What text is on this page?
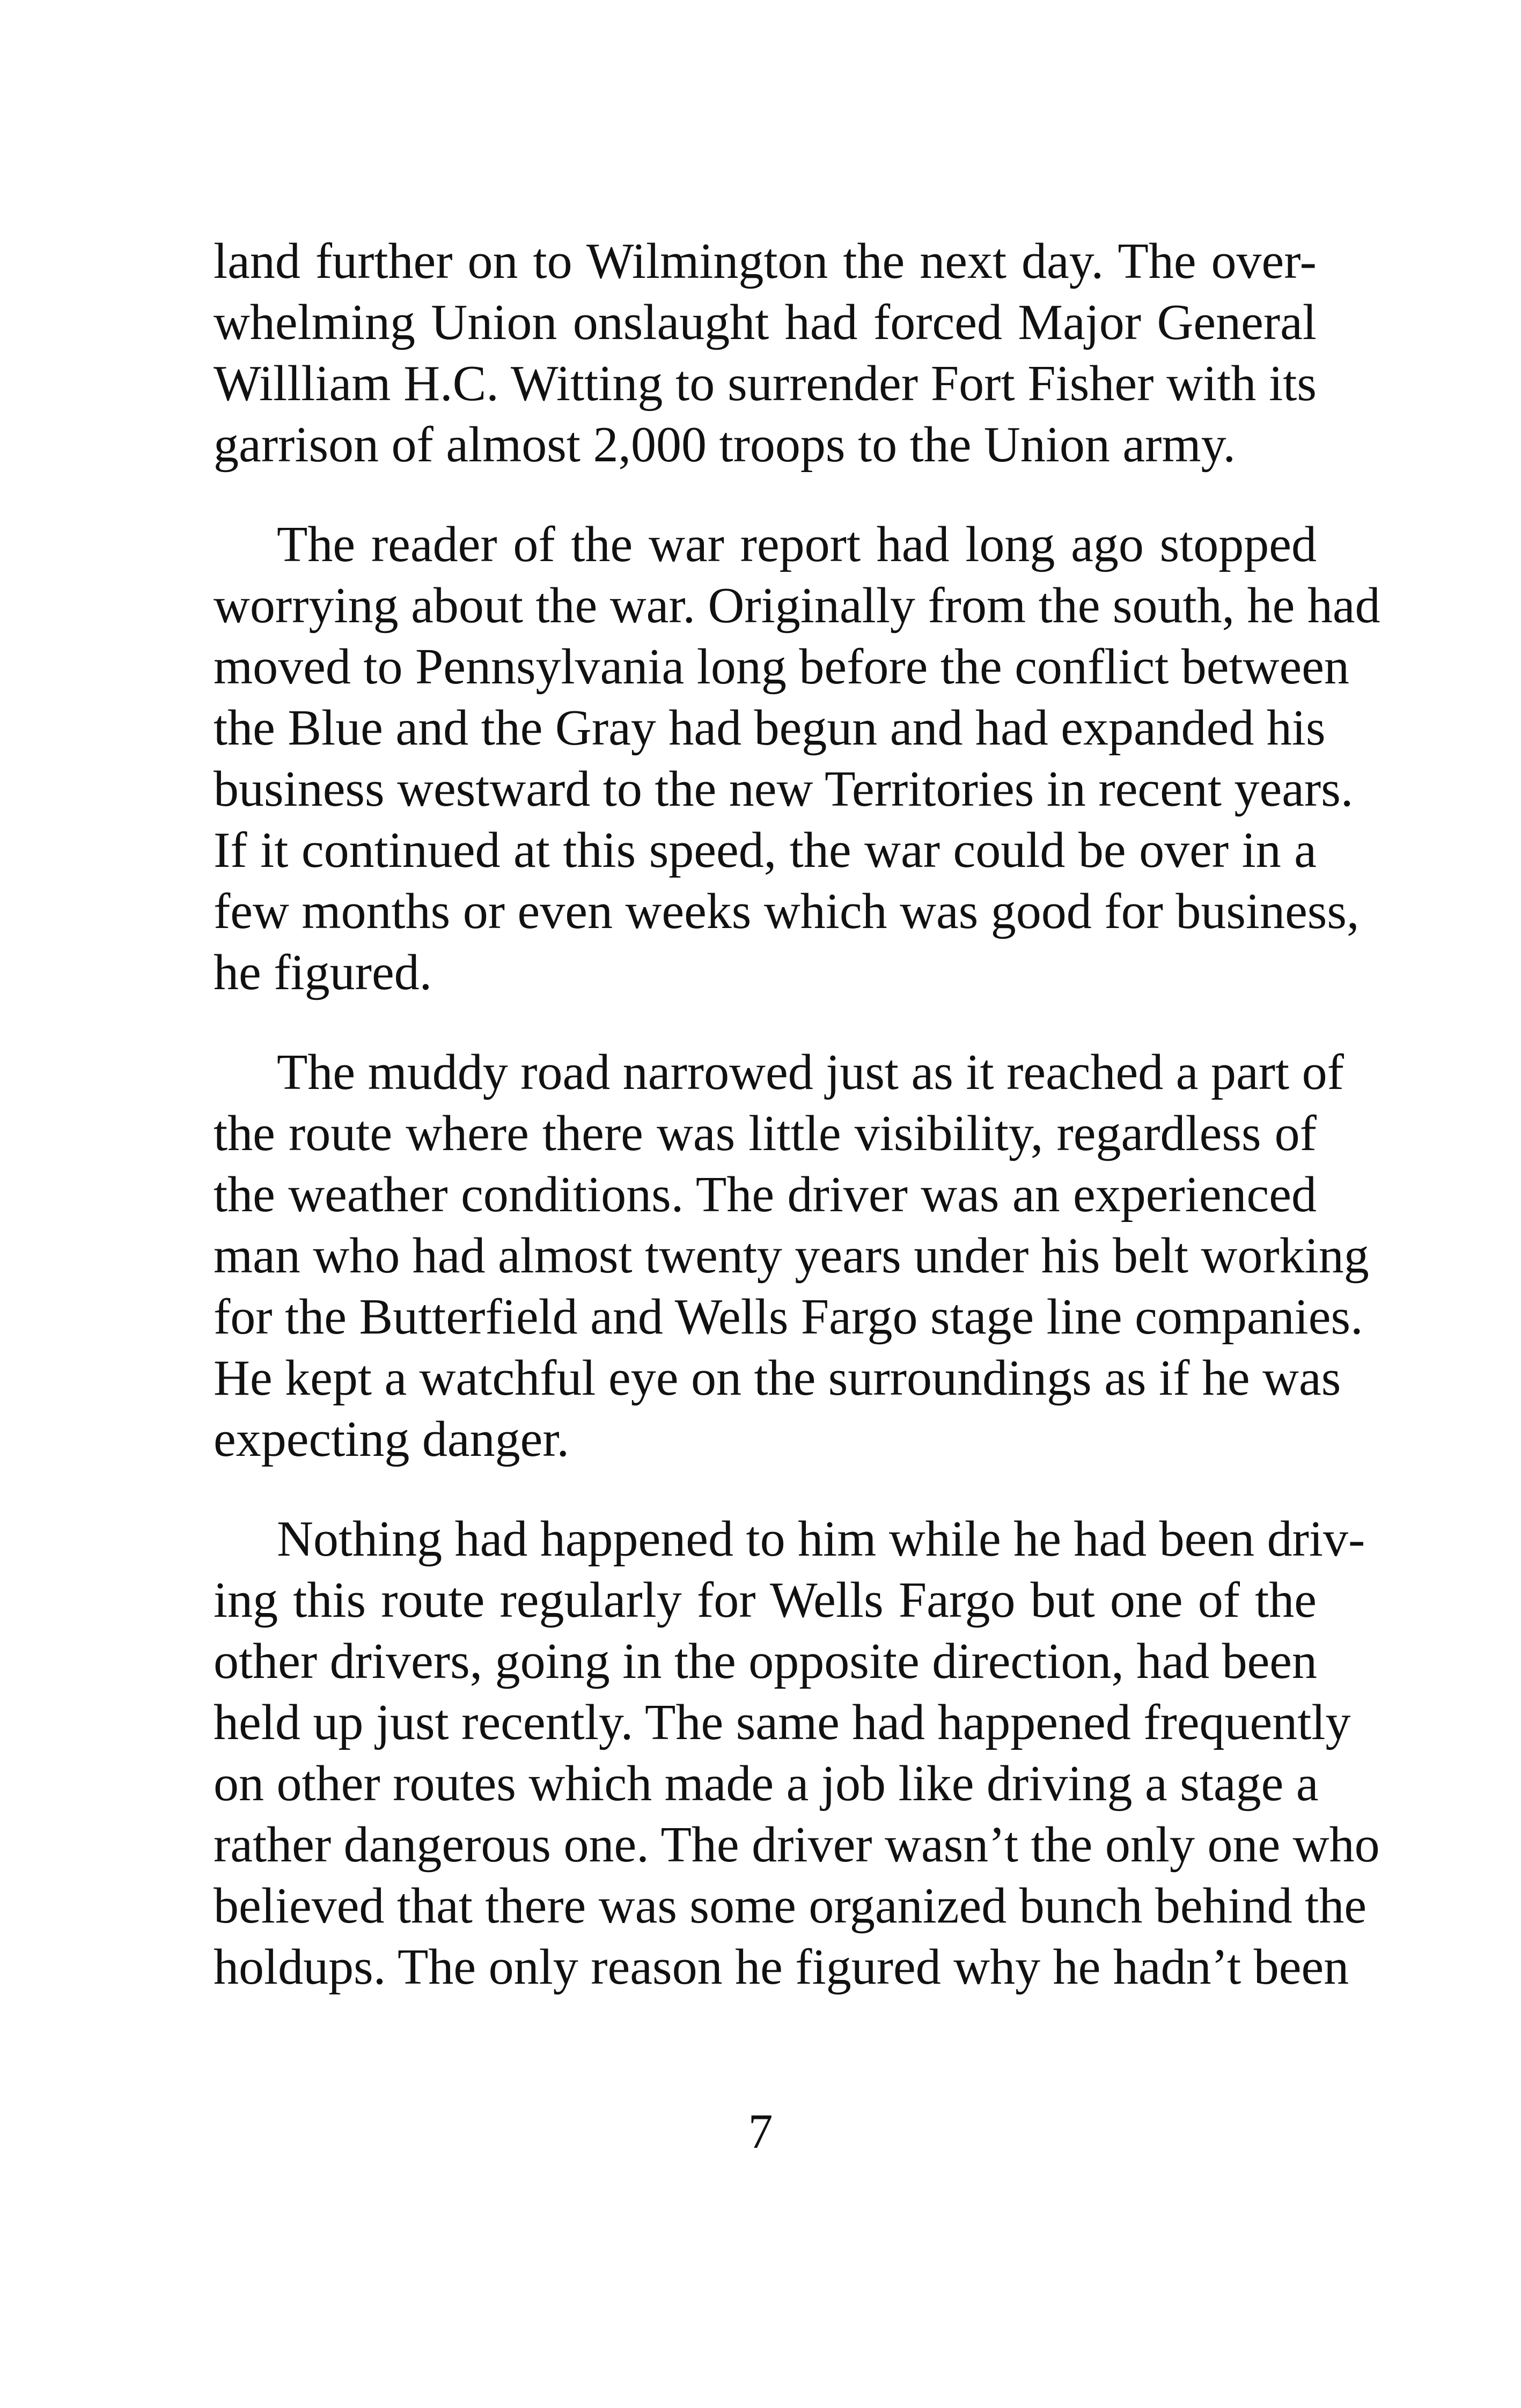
land further on to Wilmington the next day. The over-
whelming Union onslaught had forced Major General
Willliam H.C. Witting to surrender Fort Fisher with its
garrison of almost 2,000 troops to the Union army.
The reader of the war report had long ago stopped
worrying about the war. Originally from the south, he had
moved to Pennsylvania long before the conflict between
the Blue and the Gray had begun and had expanded his
business westward to the new Territories in recent years.
If it continued at this speed, the war could be over in a
few months or even weeks which was good for business,
he figured.
The muddy road narrowed just as it reached a part of
the route where there was little visibility, regardless of
the weather conditions. The driver was an experienced
man who had almost twenty years under his belt working
for the Butterfield and Wells Fargo stage line companies.
He kept a watchful eye on the surroundings as if he was
expecting danger.
Nothing had happened to him while he had been driv-
ing this route regularly for Wells Fargo but one of the
other drivers, going in the opposite direction, had been
held up just recently. The same had happened frequently
on other routes which made a job like driving a stage a
rather dangerous one. The driver wasn’t the only one who
believed that there was some organized bunch behind the
holdups. The only reason he figured why he hadn’t been
7
